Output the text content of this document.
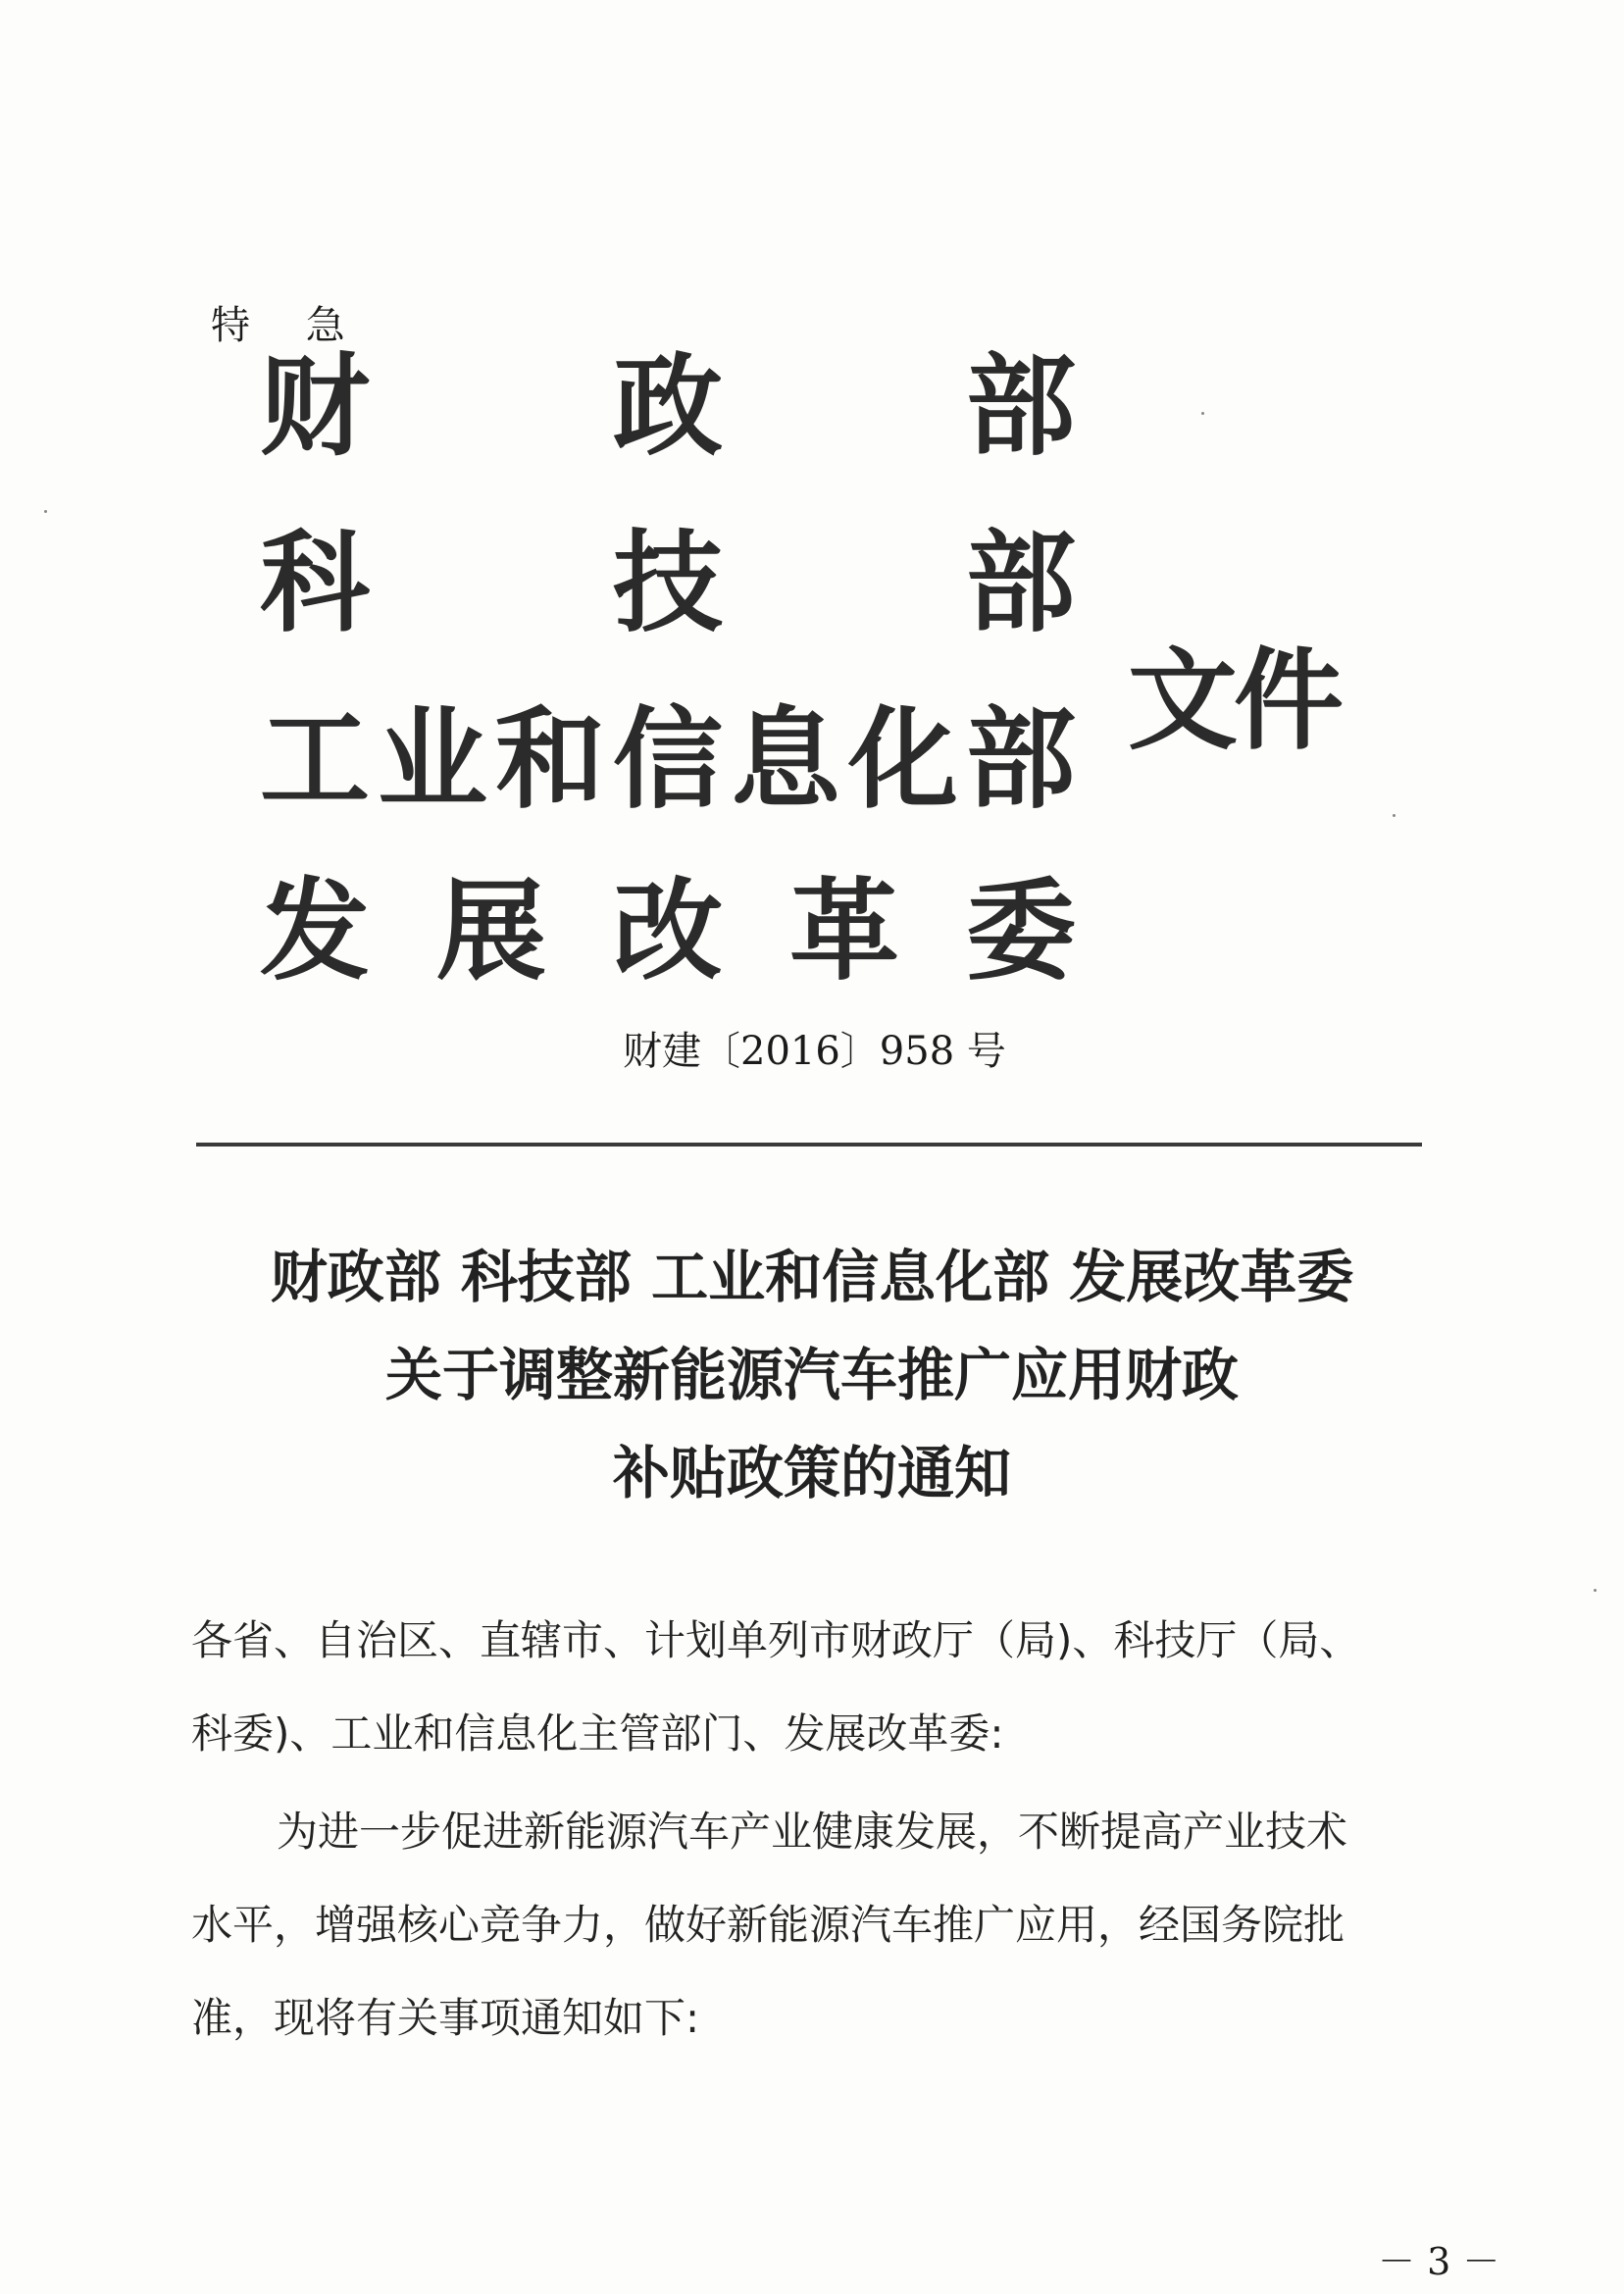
特 急
财 政 部
科 技 部
工 业 和 信 息 化 部
发 展 改 革 委
文件
财建〔2016〕958 号
财政部 科技部 工业和信息化部 发展改革委
关于调整新能源汽车推广应用财政
补贴政策的通知
各省、自治区、直辖市、计划单列市财政厅（局)、科技厅（局、
科委)、工业和信息化主管部门、发展改革委:
　为进一步促进新能源汽车产业健康发展，不断提高产业技术
水平，增强核心竞争力，做好新能源汽车推广应用，经国务院批
准，现将有关事项通知如下:
－ 3 －
